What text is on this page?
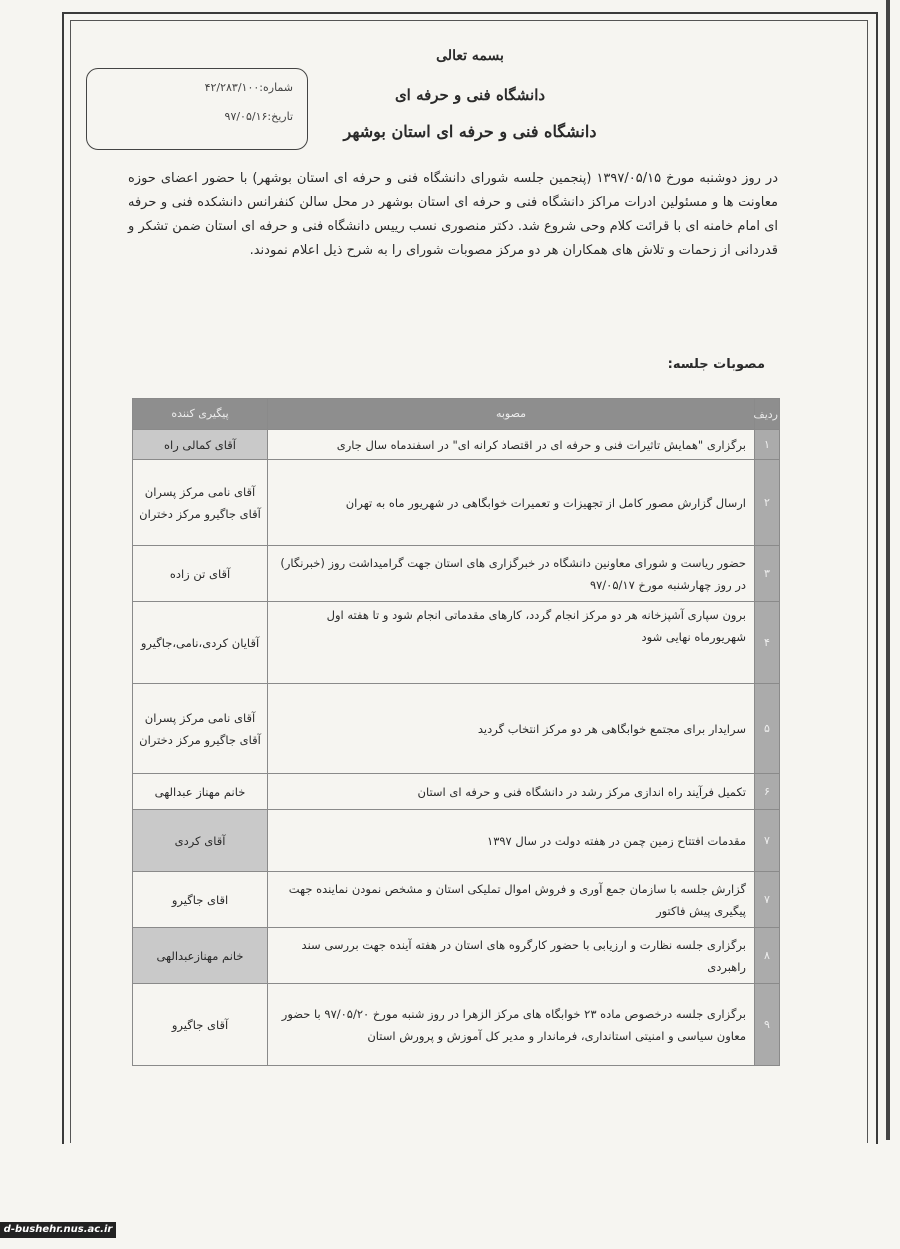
بسمه تعالی
دانشگاه فنی و حرفه ای
دانشگاه فنی و حرفه ای استان بوشهر
شماره:۴۲/۲۸۳/۱۰۰
تاریخ:۹۷/۰۵/۱۶
در روز دوشنبه مورخ ۱۳۹۷/۰۵/۱۵ (پنجمین جلسه شورای دانشگاه فنی و حرفه ای استان بوشهر) با حضور اعضای حوزه معاونت ها و مسئولین ادرات مراکز دانشگاه فنی و حرفه ای استان بوشهر در محل سالن کنفرانس دانشکده فنی و حرفه ای امام خامنه ای با قرائت کلام وحی شروع شد. دکتر منصوری نسب رییس دانشگاه فنی و حرفه ای استان ضمن تشکر و قدردانی از زحمات و تلاش های همکاران هر دو مرکز مصوبات شورای را به شرح ذیل اعلام نمودند.
مصوبات جلسه:
ردیف	مصوبه	پیگیری کننده
۱	برگزاری "همایش تاثیرات فنی و حرفه ای در اقتصاد کرانه ای" در اسفندماه سال جاری	آقای کمالی راه
۲	ارسال گزارش مصور کامل از تجهیزات و تعمیرات خوابگاهی در شهریور ماه به تهران	آقای نامی مرکز پسران آقای جاگیرو مرکز دختران
۳	حضور ریاست و شورای معاونین دانشگاه در خبرگزاری های استان جهت گرامیداشت روز (خبرنگار) در روز چهارشنبه مورخ ۹۷/۰۵/۱۷	آقای تن زاده
۴	برون سپاری آشپزخانه هر دو مرکز انجام گردد، کارهای مقدماتی انجام شود و تا هفته اول شهریورماه نهایی شود	آقایان کردی،نامی،جاگیرو
۵	سرایدار برای مجتمع خوابگاهی هر دو مرکز انتخاب گردید	آقای نامی مرکز پسران آقای جاگیرو مرکز دختران
۶	تکمیل فرآیند راه اندازی مرکز رشد در دانشگاه فنی و حرفه ای استان	خانم مهناز عبدالهی
۷	مقدمات افتتاح زمین چمن در هفته دولت در سال ۱۳۹۷	آقای کردی
۷	گزارش جلسه با سازمان جمع آوری و فروش اموال تملیکی استان و مشخص نمودن نماینده جهت پیگیری پیش فاکتور	اقای جاگیرو
۸	برگزاری جلسه نظارت و ارزیابی با حضور کارگروه های استان در هفته آینده جهت بررسی سند راهبردی	خانم مهنازعبدالهی
۹	برگزاری جلسه درخصوص ماده ۲۳ خوابگاه های مرکز الزهرا در روز شنبه مورخ ۹۷/۰۵/۲۰ با حضور معاون سیاسی و امنیتی استانداری، فرماندار و مدیر کل آموزش و پرورش استان	آقای جاگیرو
d-bushehr.nus.ac.ir
